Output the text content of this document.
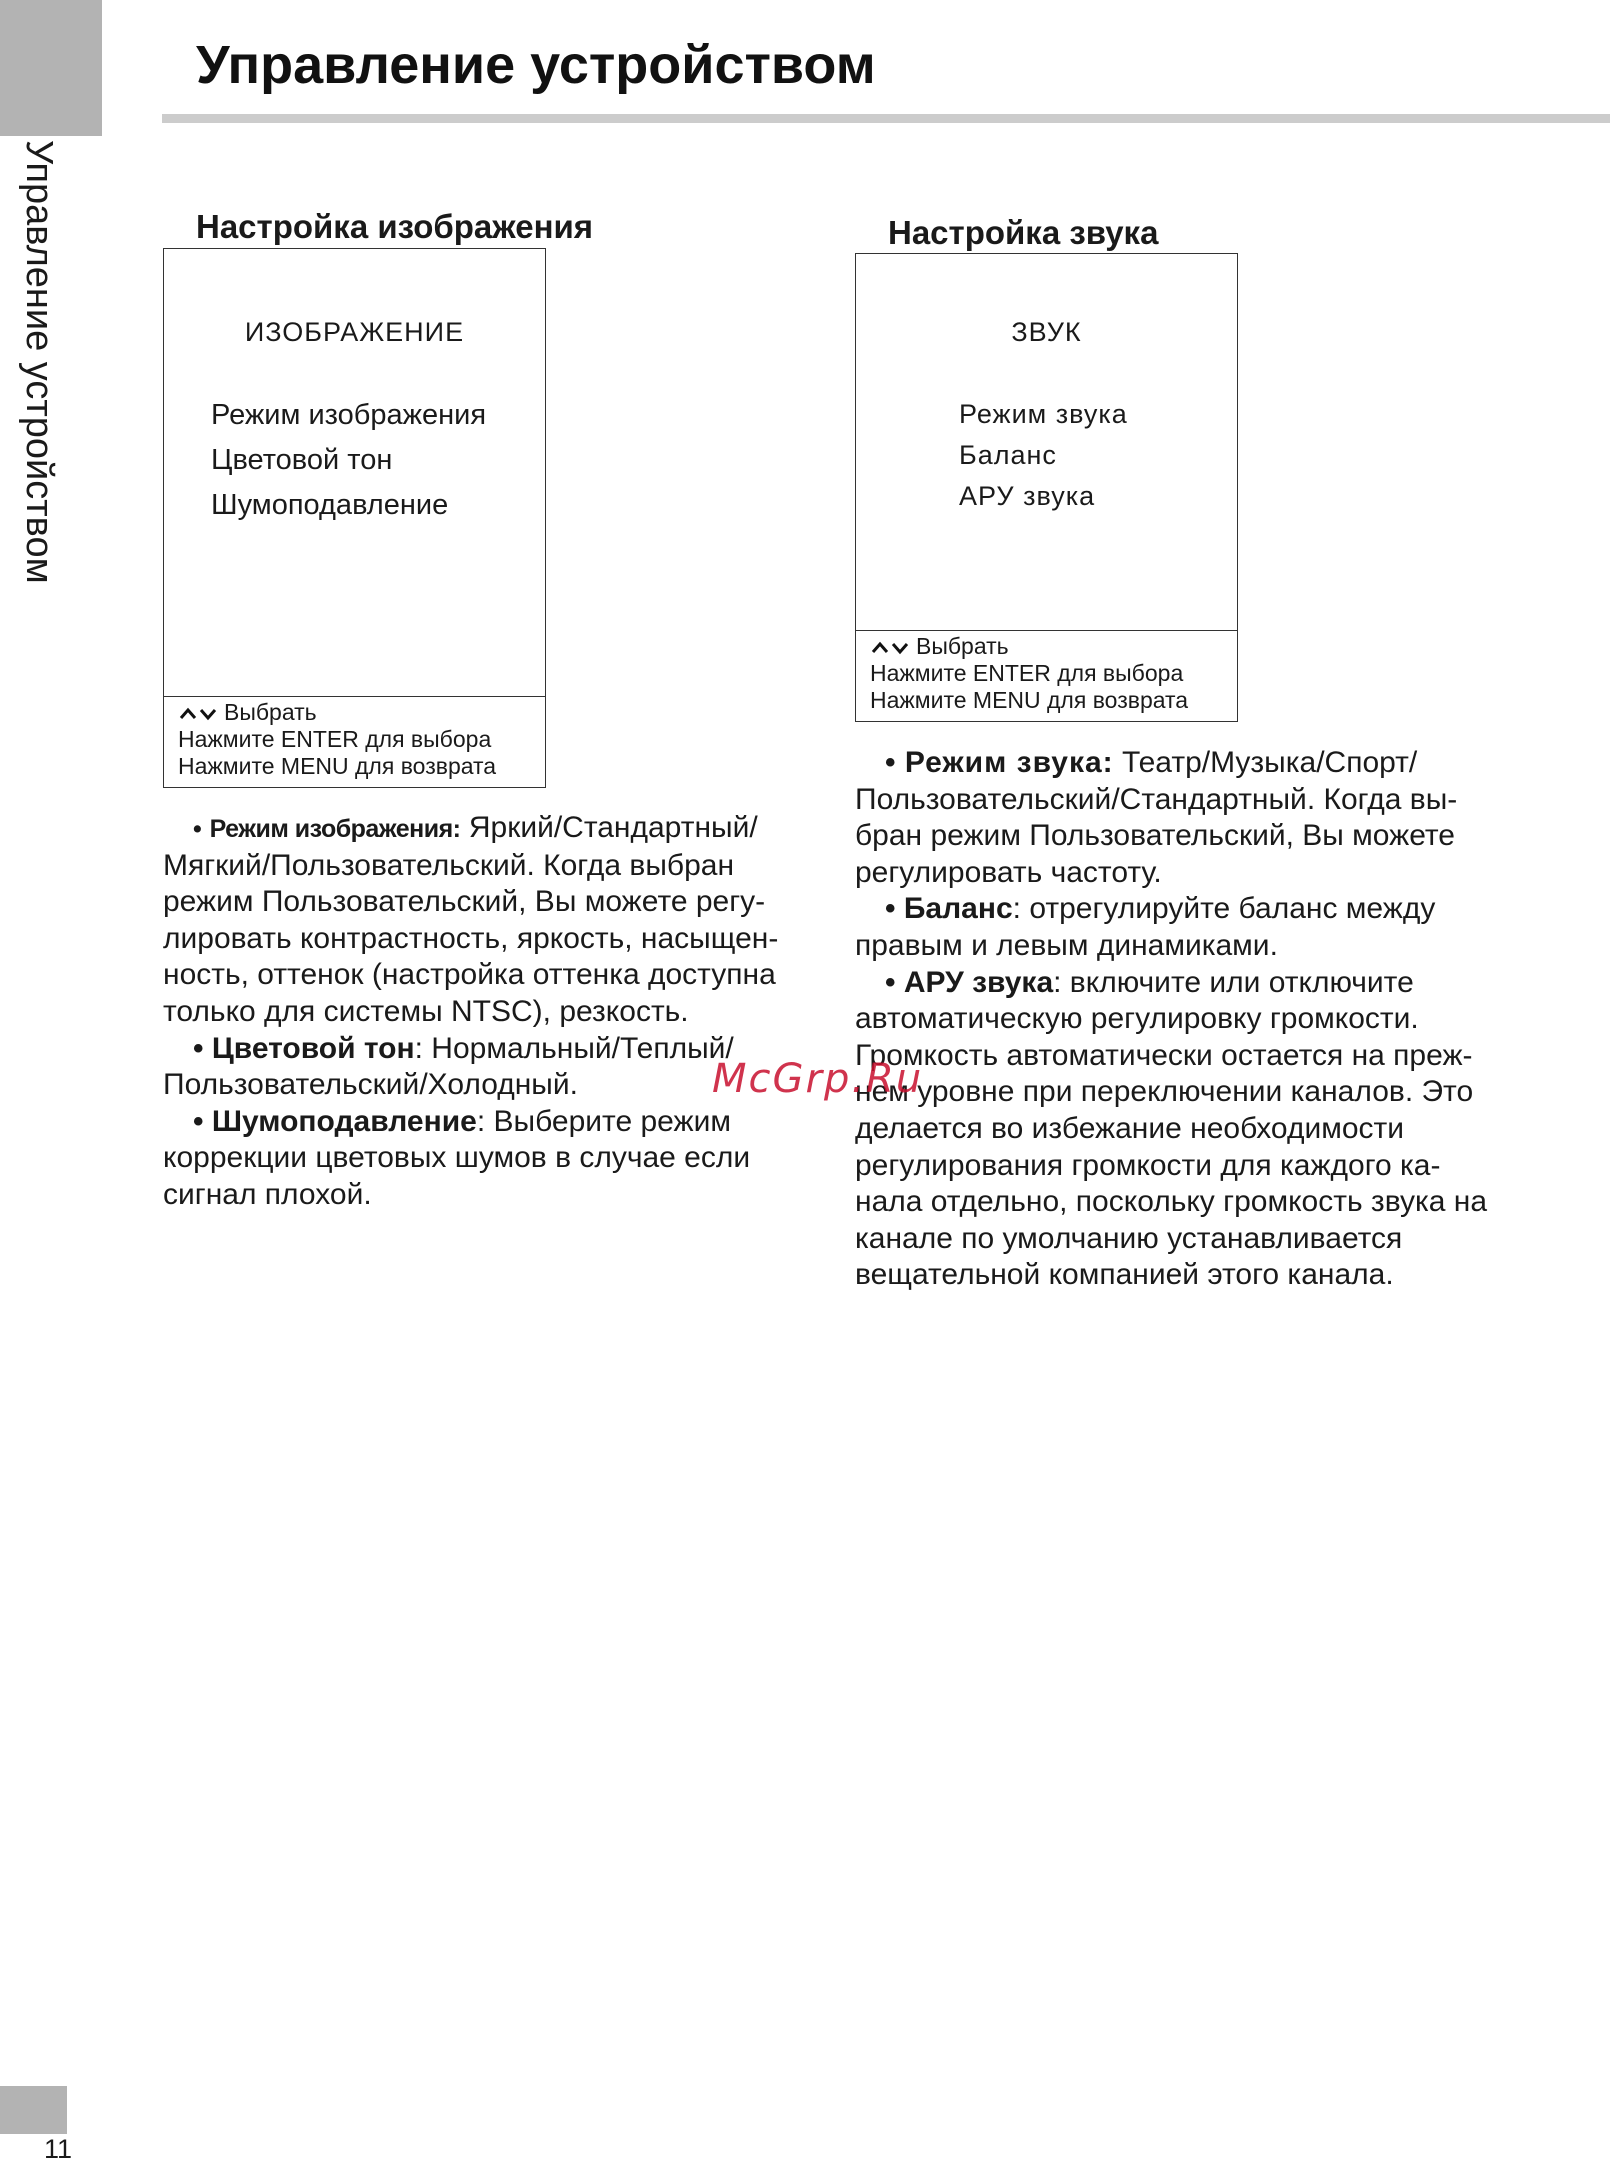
Управление устройством
Управление устройством
Настройка изображения
ИЗОБРАЖЕНИЕ
Режим изображения
Цветовой тон
Шумоподавление
Выбрать
Нажмите ENTER для выбора
Нажмите MENU для возврата

• Режим изображения: Яркий/Стандартный/ Мягкий/Пользовательский. Когда выбран режим Пользовательский, Вы можете регу- лировать контрастность, яркость, насыщен- ность, оттенок (настройка оттенка доступна только для системы NTSC), резкость.

• Цветовой тон: Нормальный/Теплый/ Пользовательский/Холодный.

• Шумоподавление: Выберите режим коррекции цветовых шумов в случае если сигнал плохой.

Настройка звука
ЗВУК
Режим звука
Баланс
АРУ звука
Выбрать
Нажмите ENTER для выбора
Нажмите MENU для возврата

• Режим звука: Театр/Музыка/Спорт/ Пользовательский/Стандартный. Когда вы- бран режим Пользовательский, Вы можете регулировать частоту.

• Баланс: отрегулируйте баланс между правым и левым динамиками.

• АРУ звука: включите или отключите автоматическую регулировку громкости. Громкость автоматически остается на преж- нем уровне при переключении каналов. Это делается во избежание необходимости регулирования громкости для каждого ка- нала отдельно, поскольку громкость звука на канале по умолчанию устанавливается вещательной компанией этого канала.

McGrp.Ru
11
